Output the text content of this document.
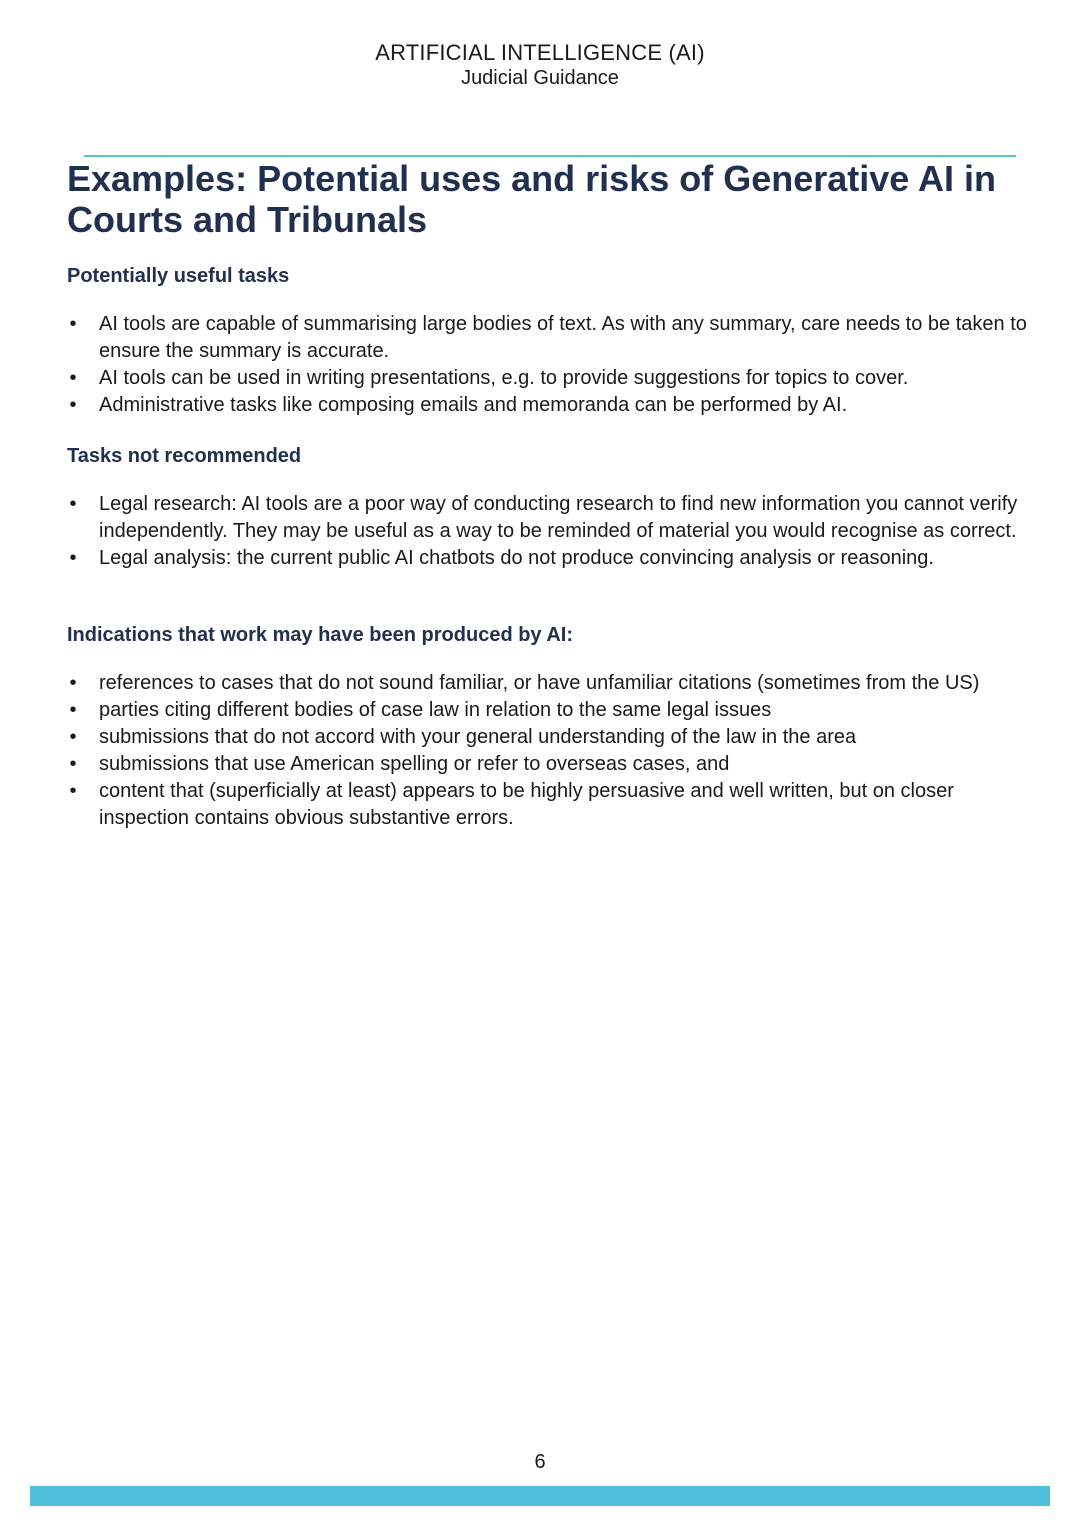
ARTIFICIAL INTELLIGENCE (AI)
Judicial Guidance
Examples: Potential uses and risks of Generative AI in Courts and Tribunals
Potentially useful tasks
• AI tools are capable of summarising large bodies of text. As with any summary, care needs to be taken to ensure the summary is accurate.
• AI tools can be used in writing presentations, e.g. to provide suggestions for topics to cover.
• Administrative tasks like composing emails and memoranda can be performed by AI.
Tasks not recommended
• Legal research: AI tools are a poor way of conducting research to find new information you cannot verify independently. They may be useful as a way to be reminded of material you would recognise as correct.
• Legal analysis: the current public AI chatbots do not produce convincing analysis or reasoning.
Indications that work may have been produced by AI:
• references to cases that do not sound familiar, or have unfamiliar citations (sometimes from the US)
• parties citing different bodies of case law in relation to the same legal issues
• submissions that do not accord with your general understanding of the law in the area
• submissions that use American spelling or refer to overseas cases, and
• content that (superficially at least) appears to be highly persuasive and well written, but on closer inspection contains obvious substantive errors.
6
